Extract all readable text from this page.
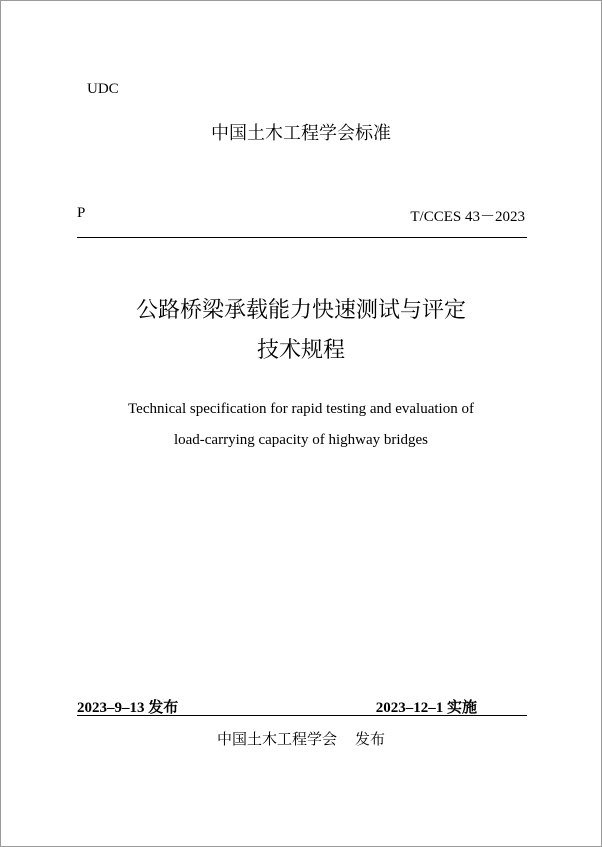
UDC
中国土木工程学会标准
P	T/CCES 43－2023
公路桥梁承载能力快速测试与评定
技术规程
Technical specification for rapid testing and evaluation of
load-carrying capacity of highway bridges
2023–9–13 发布	2023–12–1 实施
中国土木工程学会 发布
